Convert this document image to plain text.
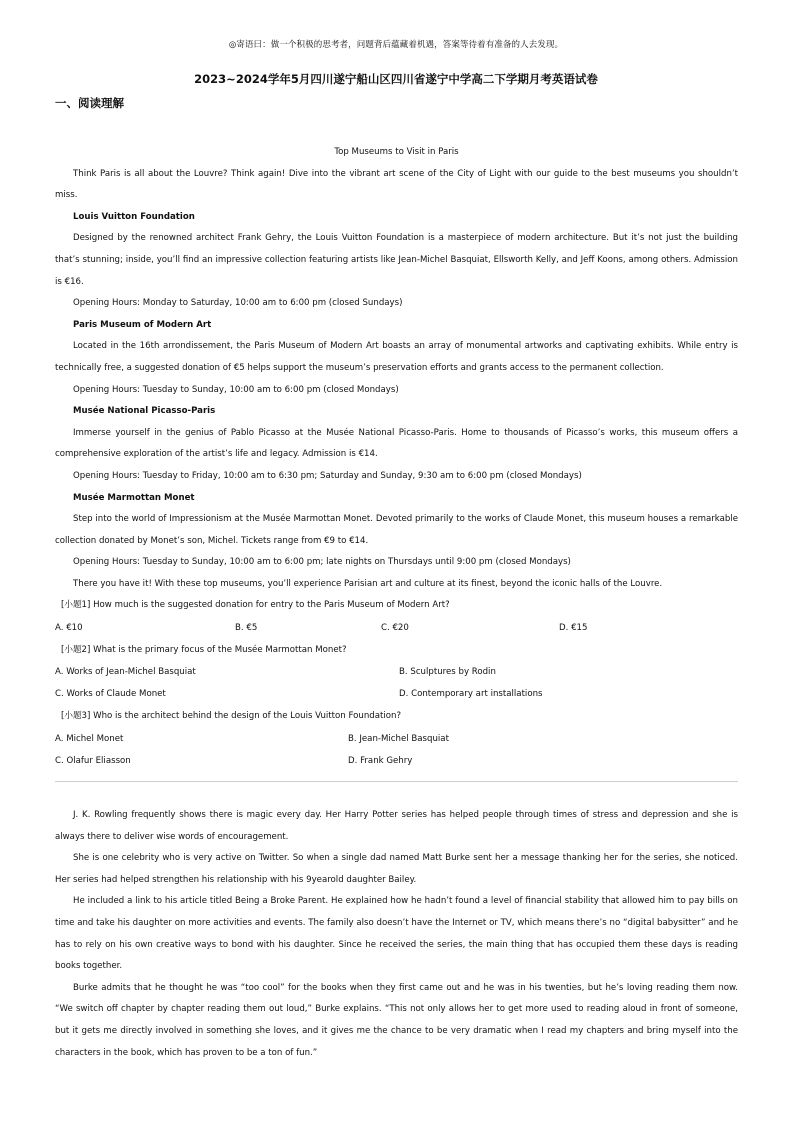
◎寄语曰：做一个积极的思考者，问题背后蕴藏着机遇，答案等待着有准备的人去发现。
2023~2024学年5月四川遂宁船山区四川省遂宁中学高二下学期月考英语试卷
一、阅读理解

Top Museums to Visit in Paris

Think Paris is all about the Louvre? Think again! Dive into the vibrant art scene of the City of Light with our guide to the best museums you shouldn’t miss.

Louis Vuitton Foundation

Designed by the renowned architect Frank Gehry, the Louis Vuitton Foundation is a masterpiece of modern architecture. But it’s not just the building that’s stunning; inside, you’ll find an impressive collection featuring artists like Jean-Michel Basquiat, Ellsworth Kelly, and Jeff Koons, among others. Admission is €16.

Opening Hours: Monday to Saturday, 10:00 am to 6:00 pm (closed Sundays)

Paris Museum of Modern Art

Located in the 16th arrondissement, the Paris Museum of Modern Art boasts an array of monumental artworks and captivating exhibits. While entry is technically free, a suggested donation of €5 helps support the museum’s preservation efforts and grants access to the permanent collection.

Opening Hours: Tuesday to Sunday, 10:00 am to 6:00 pm (closed Mondays)

Musée National Picasso-Paris

Immerse yourself in the genius of Pablo Picasso at the Musée National Picasso-Paris. Home to thousands of Picasso’s works, this museum offers a comprehensive exploration of the artist’s life and legacy. Admission is €14.

Opening Hours: Tuesday to Friday, 10:00 am to 6:30 pm; Saturday and Sunday, 9:30 am to 6:00 pm (closed Mondays)

Musée Marmottan Monet

Step into the world of Impressionism at the Musée Marmottan Monet. Devoted primarily to the works of Claude Monet, this museum houses a remarkable collection donated by Monet’s son, Michel. Tickets range from €9 to €14.

Opening Hours: Tuesday to Sunday, 10:00 am to 6:00 pm; late nights on Thursdays until 9:00 pm (closed Mondays)

There you have it! With these top museums, you’ll experience Parisian art and culture at its finest, beyond the iconic halls of the Louvre.

[小题1] How much is the suggested donation for entry to the Paris Museum of Modern Art?

A. €10	B. €5	C. €20	D. €15

[小题2] What is the primary focus of the Musée Marmottan Monet?

A. Works of Jean-Michel Basquiat	B. Sculptures by Rodin
C. Works of Claude Monet	D. Contemporary art installations

[小题3] Who is the architect behind the design of the Louis Vuitton Foundation?

A. Michel Monet	B. Jean-Michel Basquiat
C. Olafur Eliasson	D. Frank Gehry

J. K. Rowling frequently shows there is magic every day. Her Harry Potter series has helped people through times of stress and depression and she is always there to deliver wise words of encouragement.

She is one celebrity who is very active on Twitter. So when a single dad named Matt Burke sent her a message thanking her for the series, she noticed. Her series had helped strengthen his relationship with his 9yearold daughter Bailey.

He included a link to his article titled Being a Broke Parent. He explained how he hadn’t found a level of financial stability that allowed him to pay bills on time and take his daughter on more activities and events. The family also doesn’t have the Internet or TV, which means there’s no “digital babysitter” and he has to rely on his own creative ways to bond with his daughter. Since he received the series, the main thing that has occupied them these days is reading books together.

Burke admits that he thought he was “too cool” for the books when they first came out and he was in his twenties, but he’s loving reading them now. “We switch off chapter by chapter reading them out loud,” Burke explains. “This not only allows her to get more used to reading aloud in front of someone, but it gets me directly involved in something she loves, and it gives me the chance to be very dramatic when I read my chapters and bring myself into the characters in the book, which has proven to be a ton of fun.”
